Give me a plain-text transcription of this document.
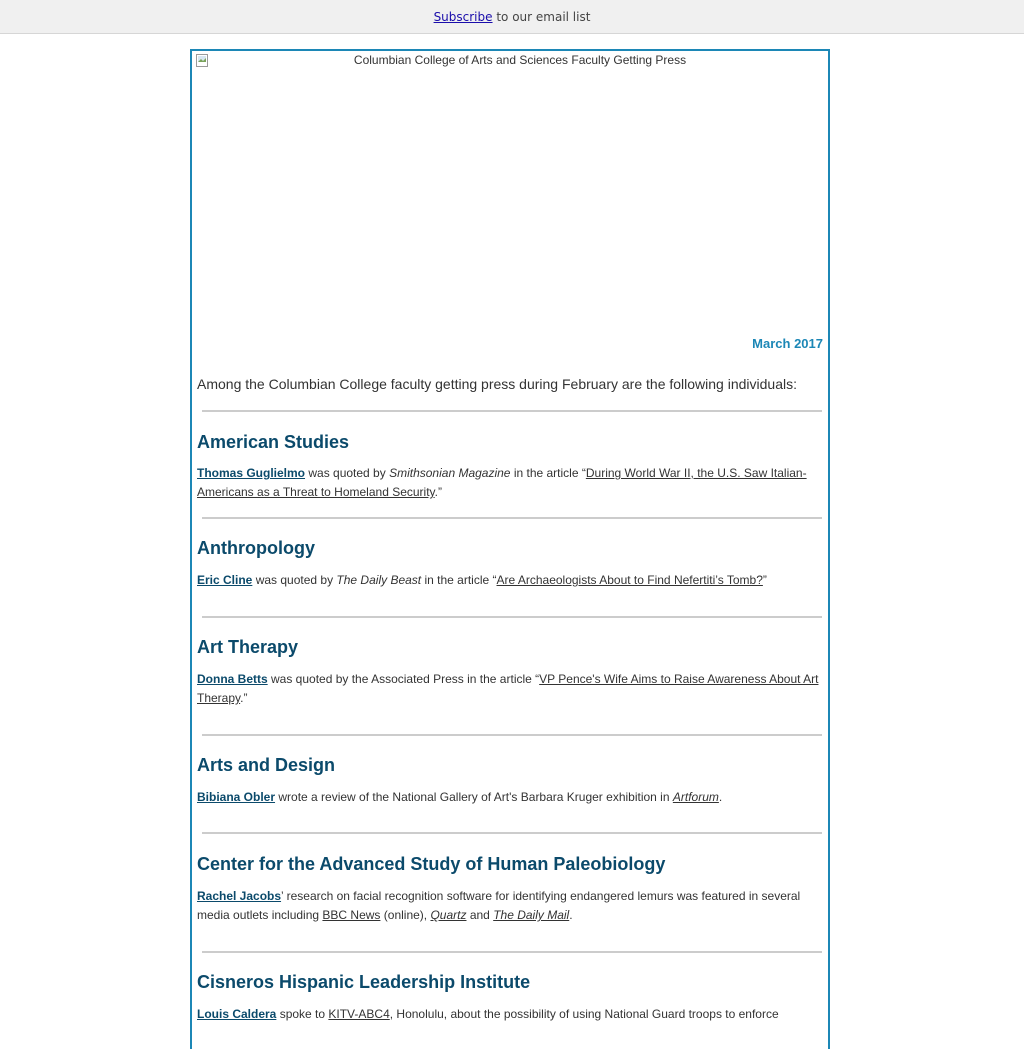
Subscribe to our email list
Columbian College of Arts and Sciences Faculty Getting Press
March 2017
Among the Columbian College faculty getting press during February are the following individuals:
American Studies
Thomas Guglielmo was quoted by Smithsonian Magazine in the article “During World War II, the U.S. Saw Italian-Americans as a Threat to Homeland Security.”
Anthropology
Eric Cline was quoted by The Daily Beast in the article “Are Archaeologists About to Find Nefertiti’s Tomb?”
Art Therapy
Donna Betts was quoted by the Associated Press in the article “VP Pence's Wife Aims to Raise Awareness About Art Therapy.”
Arts and Design
Bibiana Obler wrote a review of the National Gallery of Art's Barbara Kruger exhibition in Artforum.
Center for the Advanced Study of Human Paleobiology
Rachel Jacobs’ research on facial recognition software for identifying endangered lemurs was featured in several media outlets including BBC News (online), Quartz and The Daily Mail.
Cisneros Hispanic Leadership Institute
Louis Caldera spoke to KITV-ABC4, Honolulu, about the possibility of using National Guard troops to enforce
